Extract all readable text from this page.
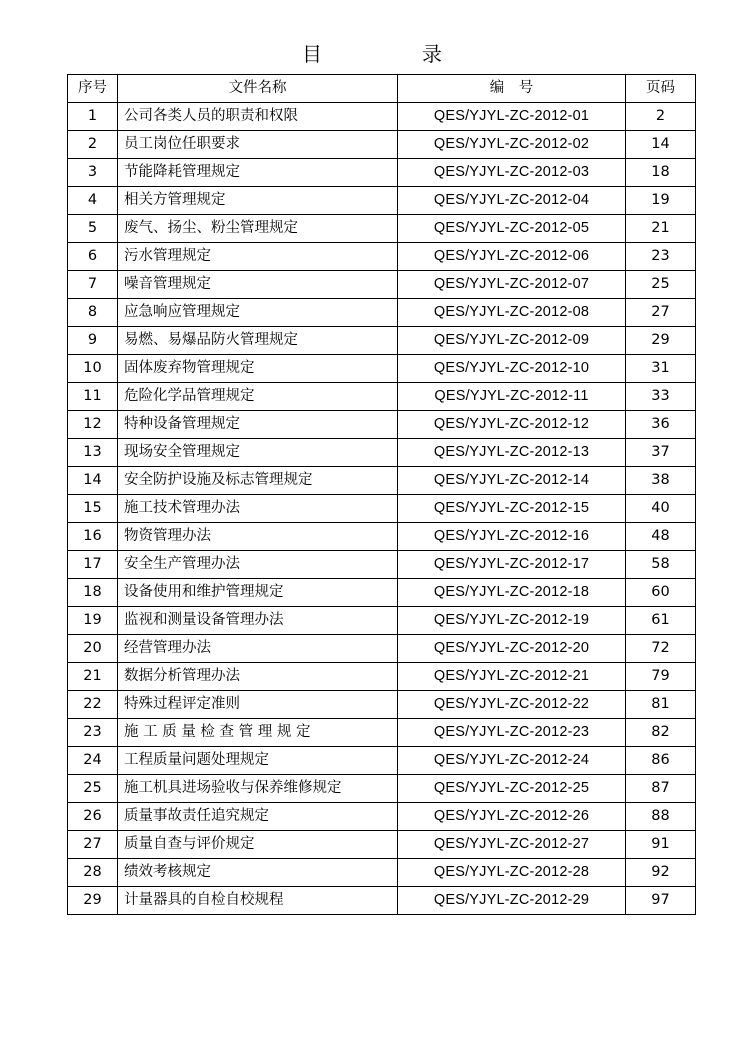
目　录
序号	文件名称	编　号	页码
1	公司各类人员的职责和权限	QES/YJYL-ZC-2012-01	2
2	员工岗位任职要求	QES/YJYL-ZC-2012-02	14
3	节能降耗管理规定	QES/YJYL-ZC-2012-03	18
4	相关方管理规定	QES/YJYL-ZC-2012-04	19
5	废气、扬尘、粉尘管理规定	QES/YJYL-ZC-2012-05	21
6	污水管理规定	QES/YJYL-ZC-2012-06	23
7	噪音管理规定	QES/YJYL-ZC-2012-07	25
8	应急响应管理规定	QES/YJYL-ZC-2012-08	27
9	易燃、易爆品防火管理规定	QES/YJYL-ZC-2012-09	29
10	固体废弃物管理规定	QES/YJYL-ZC-2012-10	31
11	危险化学品管理规定	QES/YJYL-ZC-2012-11	33
12	特种设备管理规定	QES/YJYL-ZC-2012-12	36
13	现场安全管理规定	QES/YJYL-ZC-2012-13	37
14	安全防护设施及标志管理规定	QES/YJYL-ZC-2012-14	38
15	施工技术管理办法	QES/YJYL-ZC-2012-15	40
16	物资管理办法	QES/YJYL-ZC-2012-16	48
17	安全生产管理办法	QES/YJYL-ZC-2012-17	58
18	设备使用和维护管理规定	QES/YJYL-ZC-2012-18	60
19	监视和测量设备管理办法	QES/YJYL-ZC-2012-19	61
20	经营管理办法	QES/YJYL-ZC-2012-20	72
21	数据分析管理办法	QES/YJYL-ZC-2012-21	79
22	特殊过程评定准则	QES/YJYL-ZC-2012-22	81
23	施 工 质 量 检 查 管 理 规 定	QES/YJYL-ZC-2012-23	82
24	工程质量问题处理规定	QES/YJYL-ZC-2012-24	86
25	施工机具进场验收与保养维修规定	QES/YJYL-ZC-2012-25	87
26	质量事故责任追究规定	QES/YJYL-ZC-2012-26	88
27	质量自查与评价规定	QES/YJYL-ZC-2012-27	91
28	绩效考核规定	QES/YJYL-ZC-2012-28	92
29	计量器具的自检自校规程	QES/YJYL-ZC-2012-29	97
